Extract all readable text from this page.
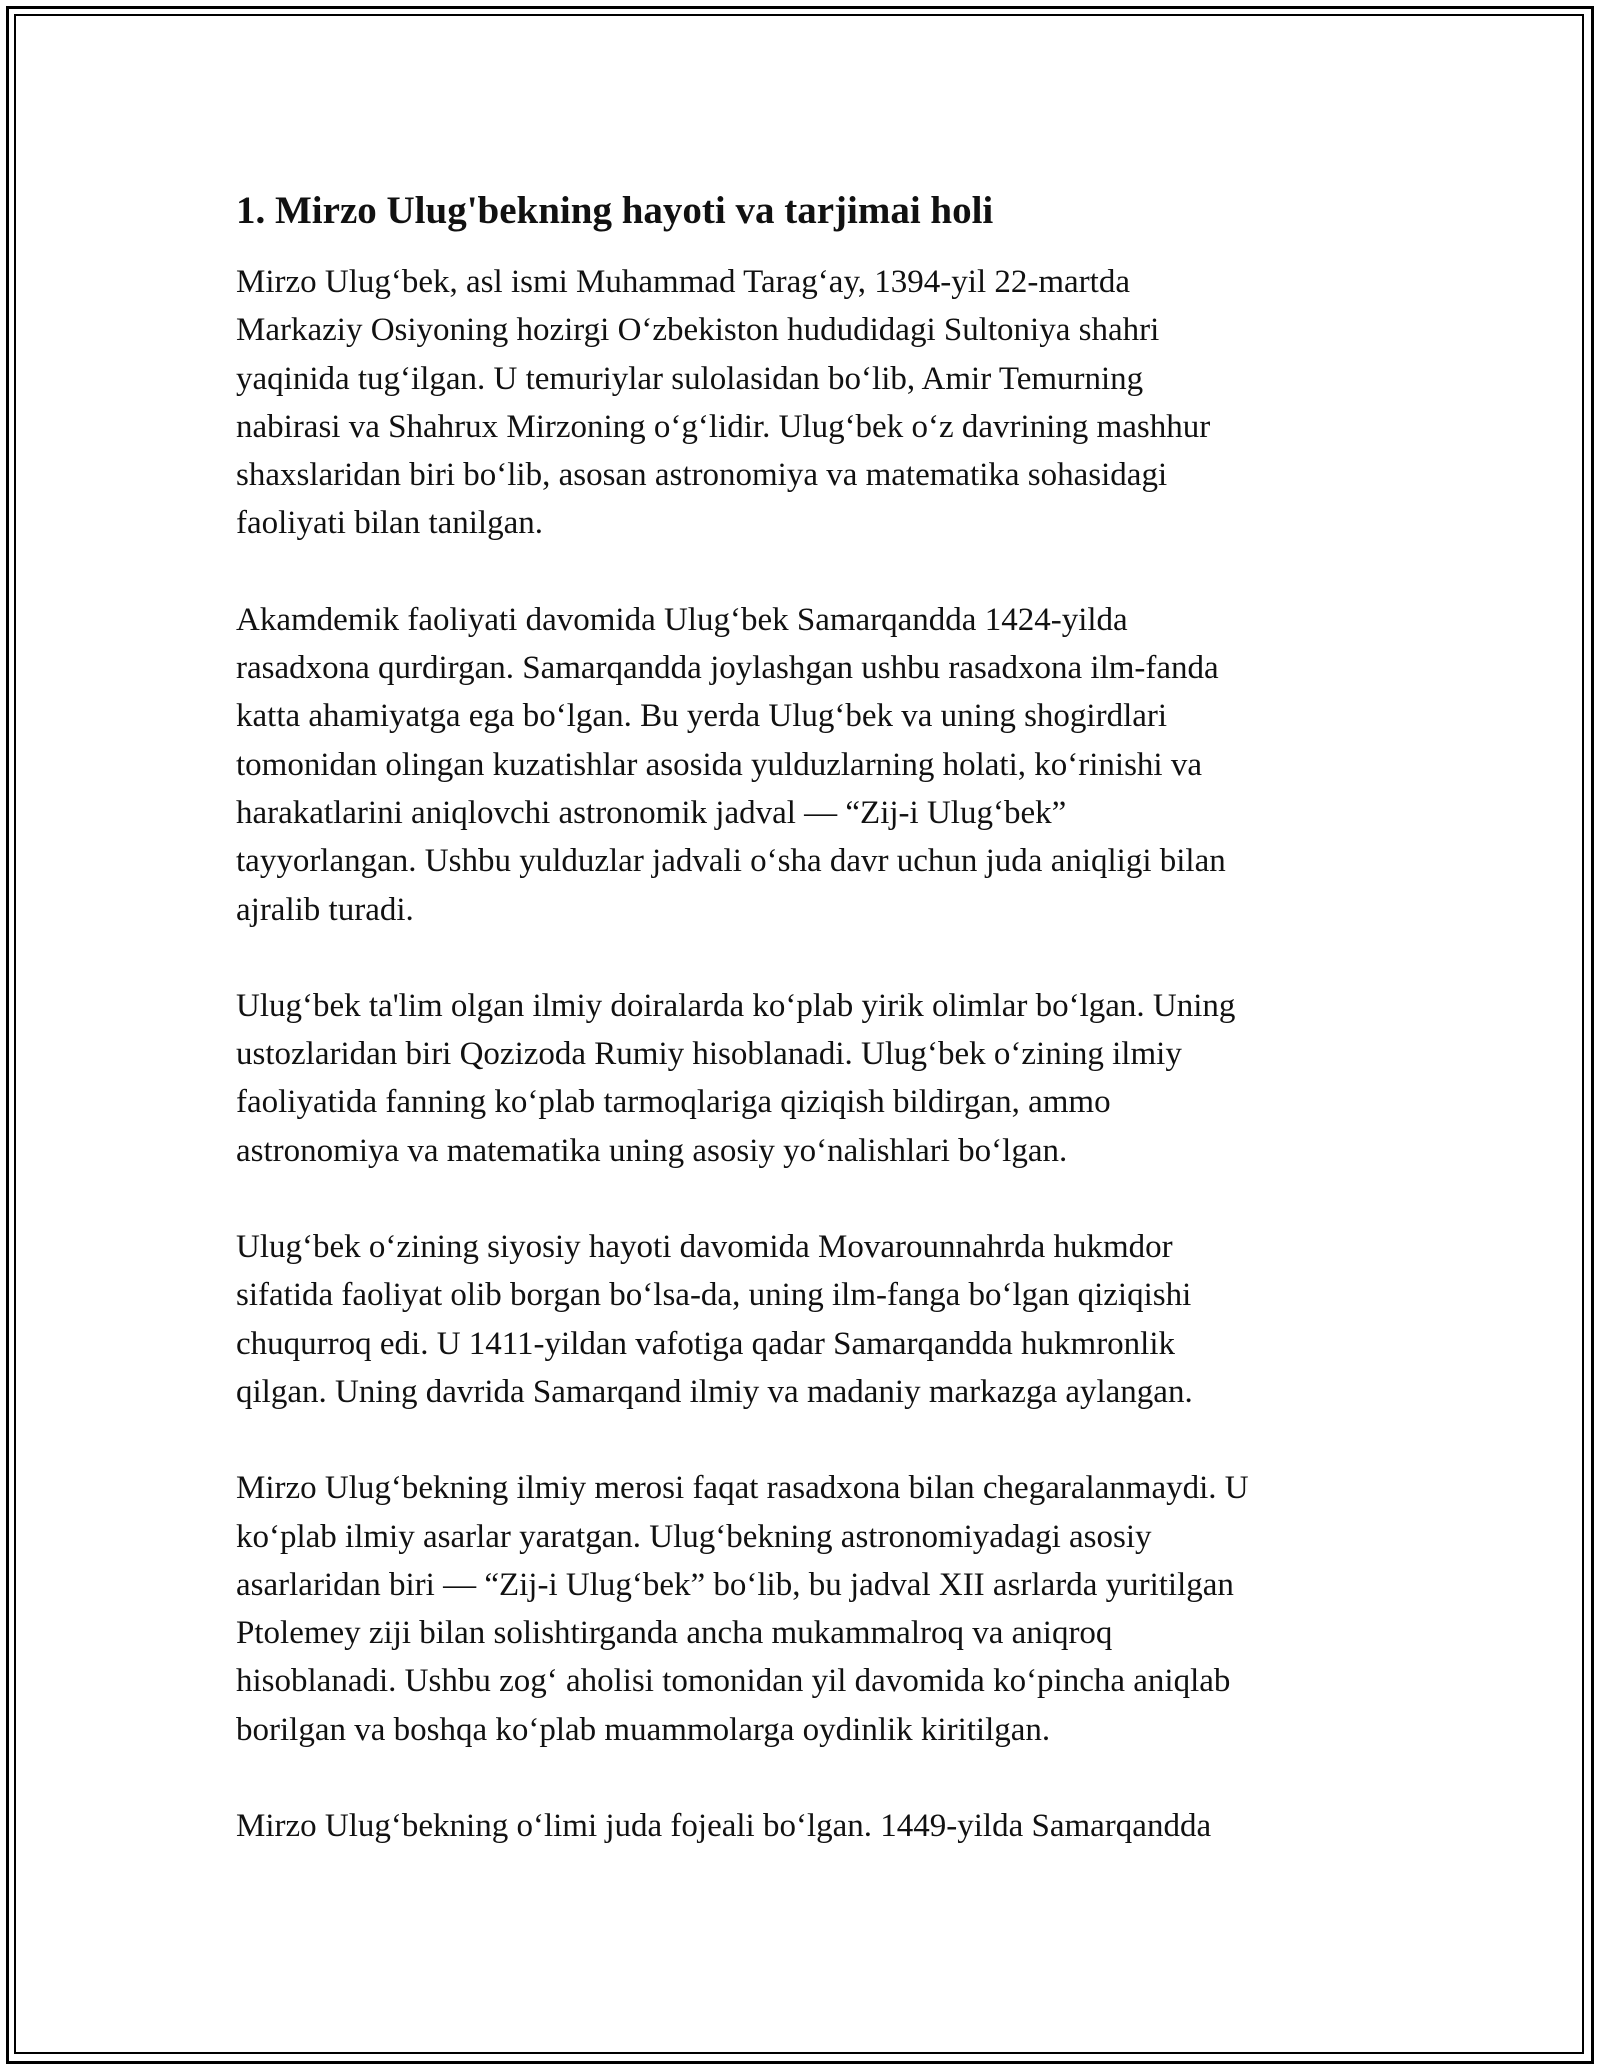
1. Mirzo Ulug'bekning hayoti va tarjimai holi
Mirzo Ulug‘bek, asl ismi Muhammad Tarag‘ay, 1394-yil 22-martda
Markaziy Osiyoning hozirgi O‘zbekiston hududidagi Sultoniya shahri
yaqinida tug‘ilgan. U temuriylar sulolasidan bo‘lib, Amir Temurning
nabirasi va Shahrux Mirzoning o‘g‘lidir. Ulug‘bek o‘z davrining mashhur
shaxslaridan biri bo‘lib, asosan astronomiya va matematika sohasidagi
faoliyati bilan tanilgan.
Akamdemik faoliyati davomida Ulug‘bek Samarqandda 1424-yilda
rasadxona qurdirgan. Samarqandda joylashgan ushbu rasadxona ilm-fanda
katta ahamiyatga ega bo‘lgan. Bu yerda Ulug‘bek va uning shogirdlari
tomonidan olingan kuzatishlar asosida yulduzlarning holati, ko‘rinishi va
harakatlarini aniqlovchi astronomik jadval — “Zij-i Ulug‘bek”
tayyorlangan. Ushbu yulduzlar jadvali o‘sha davr uchun juda aniqligi bilan
ajralib turadi.
Ulug‘bek ta'lim olgan ilmiy doiralarda ko‘plab yirik olimlar bo‘lgan. Uning
ustozlaridan biri Qozizoda Rumiy hisoblanadi. Ulug‘bek o‘zining ilmiy
faoliyatida fanning ko‘plab tarmoqlariga qiziqish bildirgan, ammo
astronomiya va matematika uning asosiy yo‘nalishlari bo‘lgan.
Ulug‘bek o‘zining siyosiy hayoti davomida Movarounnahrda hukmdor
sifatida faoliyat olib borgan bo‘lsa-da, uning ilm-fanga bo‘lgan qiziqishi
chuqurroq edi. U 1411-yildan vafotiga qadar Samarqandda hukmronlik
qilgan. Uning davrida Samarqand ilmiy va madaniy markazga aylangan.
Mirzo Ulug‘bekning ilmiy merosi faqat rasadxona bilan chegaralanmaydi. U
ko‘plab ilmiy asarlar yaratgan. Ulug‘bekning astronomiyadagi asosiy
asarlaridan biri — “Zij-i Ulug‘bek” bo‘lib, bu jadval XII asrlarda yuritilgan
Ptolemey ziji bilan solishtirganda ancha mukammalroq va aniqroq
hisoblanadi. Ushbu zog‘ aholisi tomonidan yil davomida ko‘pincha aniqlab
borilgan va boshqa ko‘plab muammolarga oydinlik kiritilgan.
Mirzo Ulug‘bekning o‘limi juda fojeali bo‘lgan. 1449-yilda Samarqandda
